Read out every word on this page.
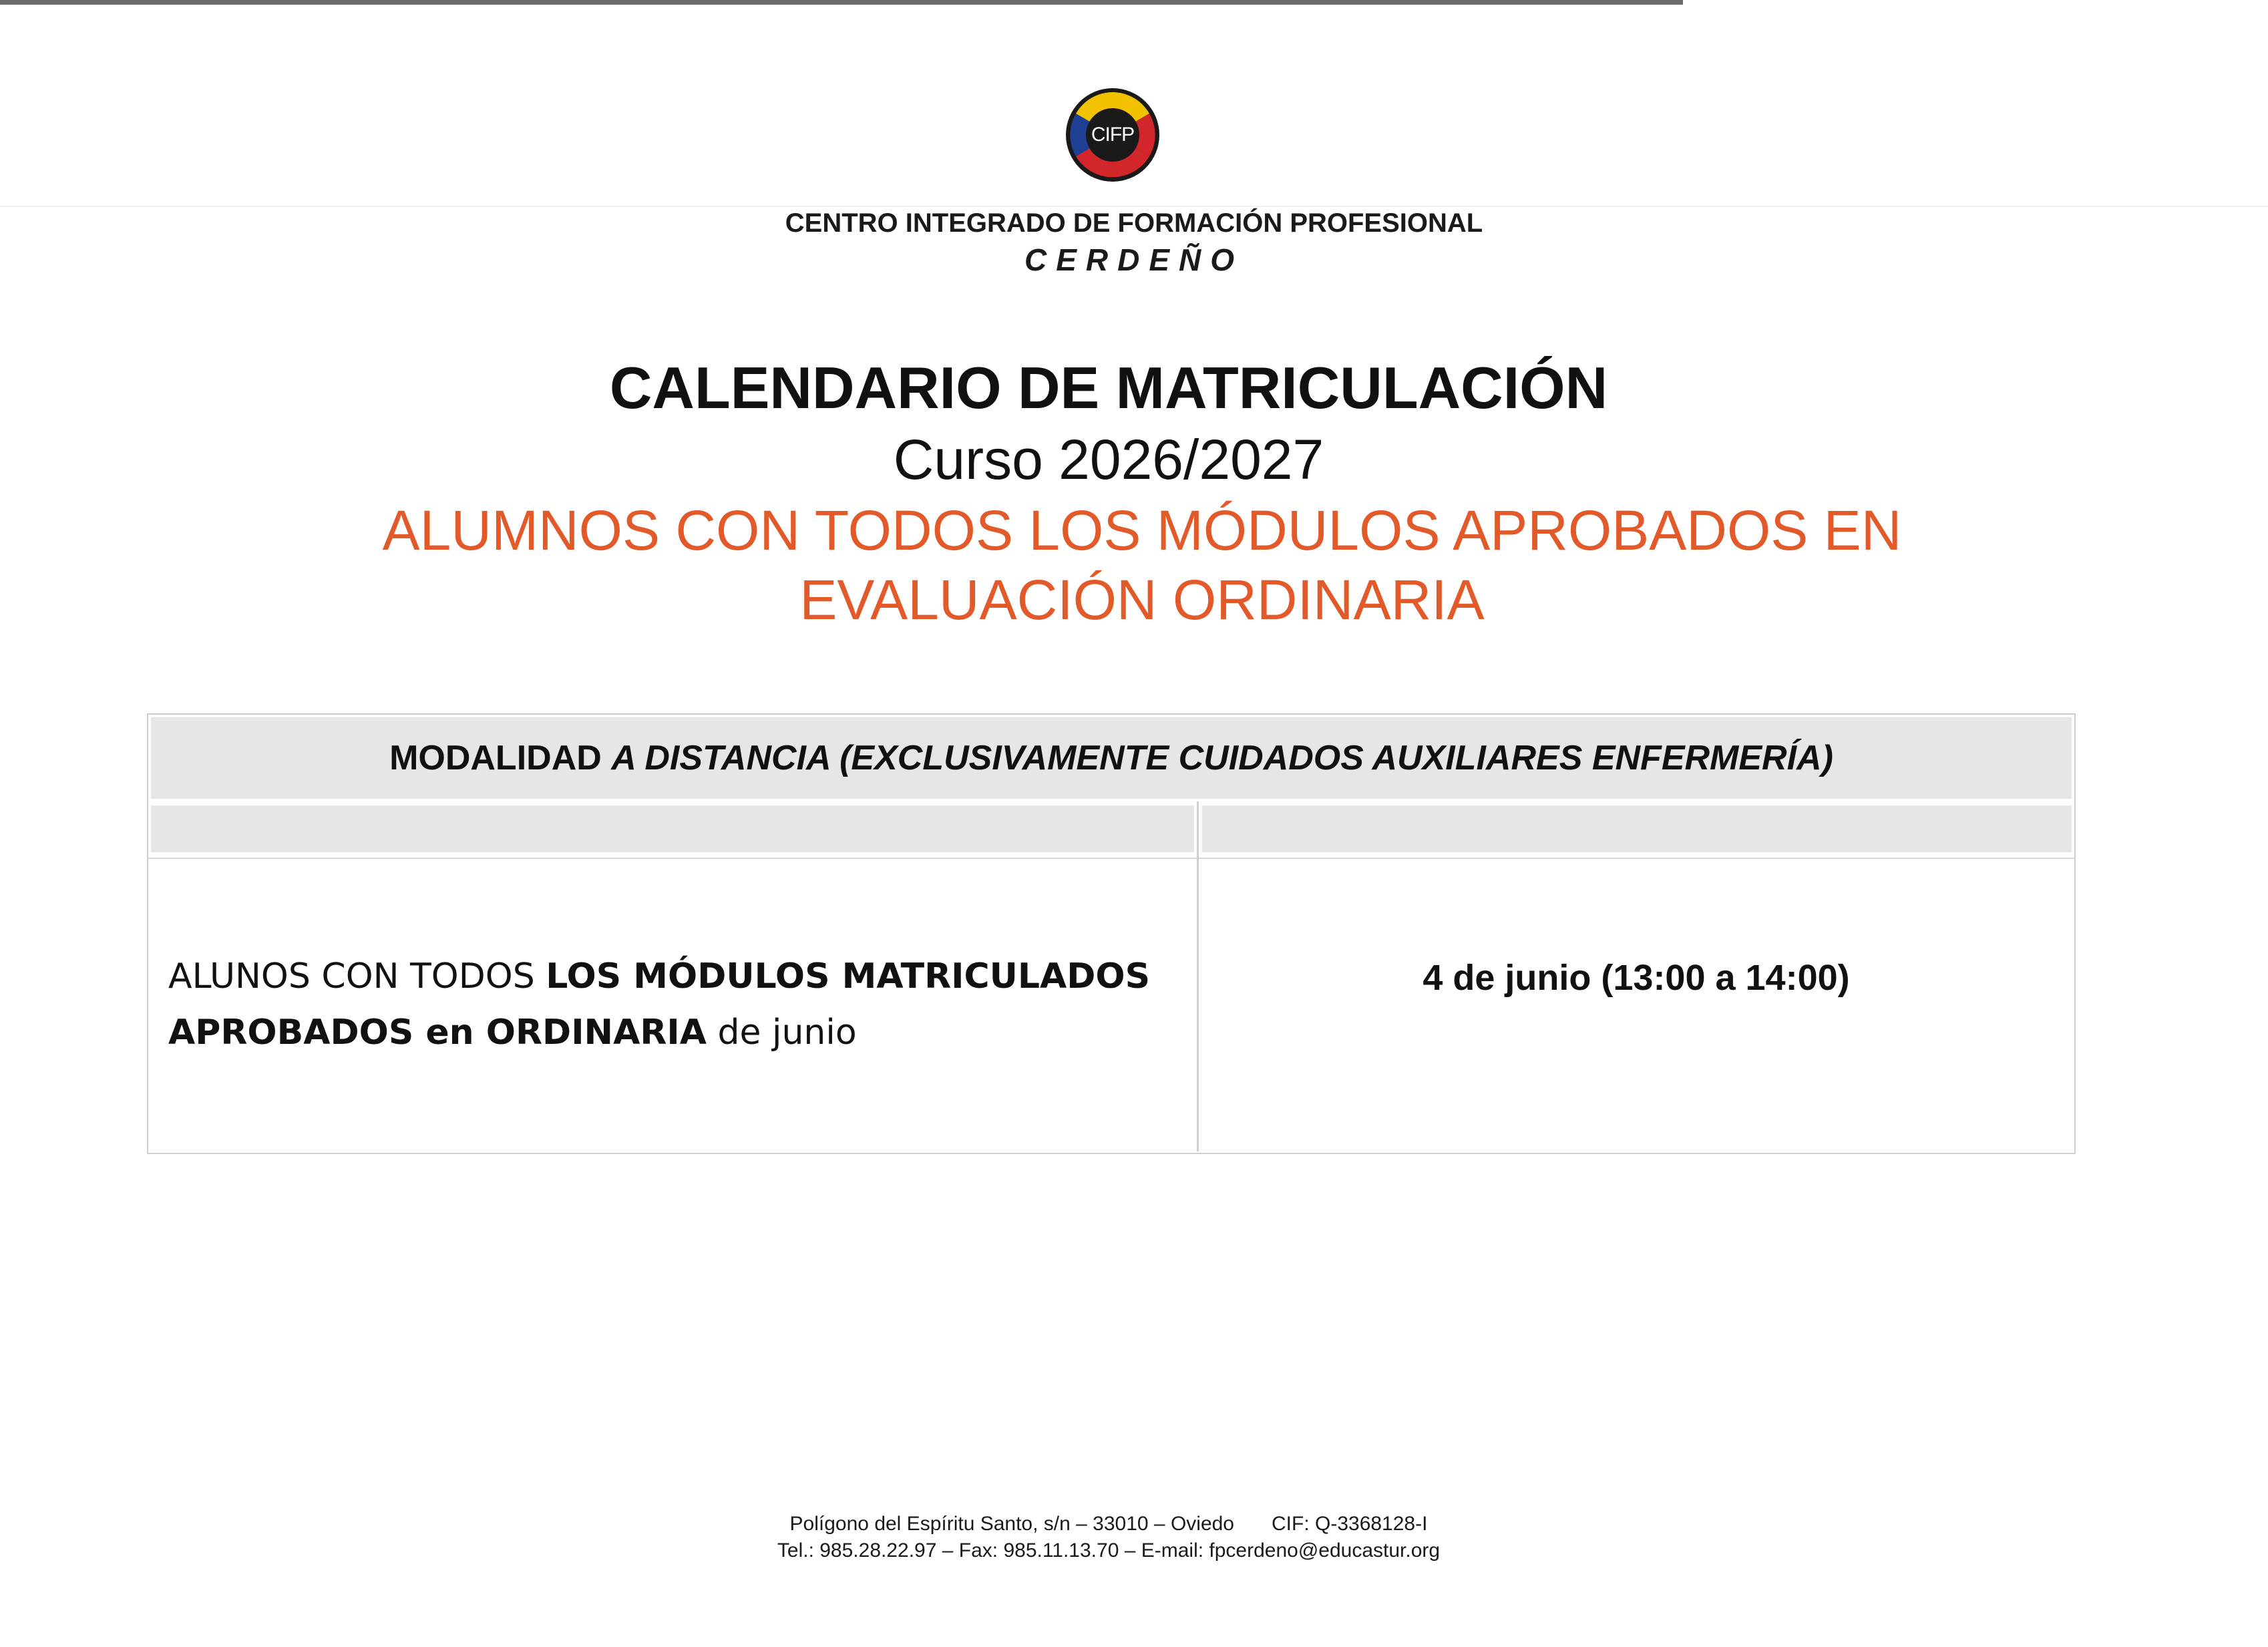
CIFP
CENTRO INTEGRADO DE FORMACIÓN PROFESIONAL
CERDEÑO
CALENDARIO DE MATRICULACIÓN
Curso 2026/2027
ALUMNOS CON TODOS LOS MÓDULOS APROBADOS EN
EVALUACIÓN ORDINARIA
MODALIDAD A DISTANCIA (EXCLUSIVAMENTE CUIDADOS AUXILIARES ENFERMERÍA)
ALUNOS CON TODOS LOS MÓDULOS MATRICULADOS
APROBADOS en ORDINARIA de junio
4 de junio (13:00 a 14:00)
Polígono del Espíritu Santo, s/n – 33010 – Oviedo CIF: Q-3368128-I
Tel.: 985.28.22.97 – Fax: 985.11.13.70 – E-mail: fpcerdeno@educastur.org
